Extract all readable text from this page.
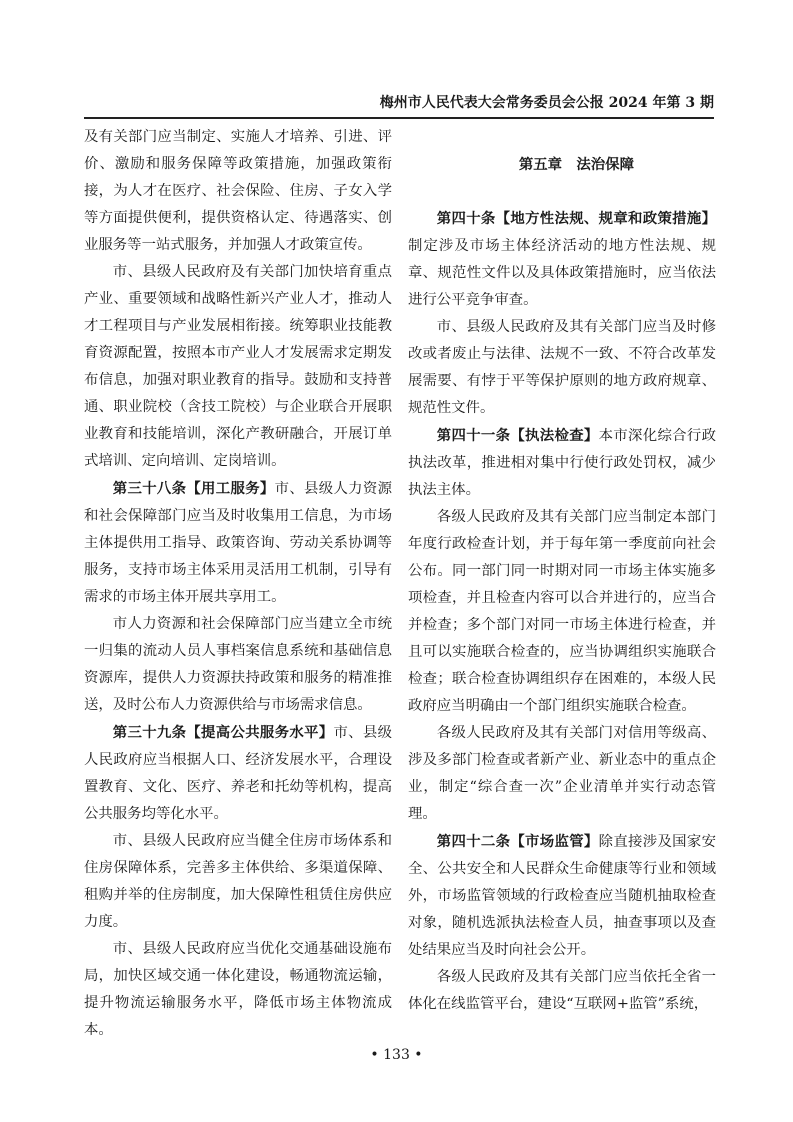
梅州市人民代表大会常务委员会公报 2024 年第 3 期

及有关部门应当制定、实施人才培养、引进、评价、激励和服务保障等政策措施，加强政策衔接，为人才在医疗、社会保险、住房、子女入学等方面提供便利，提供资格认定、待遇落实、创业服务等一站式服务，并加强人才政策宣传。

市、县级人民政府及有关部门加快培育重点产业、重要领域和战略性新兴产业人才，推动人才工程项目与产业发展相衔接。统筹职业技能教育资源配置，按照本市产业人才发展需求定期发布信息，加强对职业教育的指导。鼓励和支持普通、职业院校（含技工院校）与企业联合开展职业教育和技能培训，深化产教研融合，开展订单式培训、定向培训、定岗培训。

第三十八条【用工服务】市、县级人力资源和社会保障部门应当及时收集用工信息，为市场主体提供用工指导、政策咨询、劳动关系协调等服务，支持市场主体采用灵活用工机制，引导有需求的市场主体开展共享用工。

市人力资源和社会保障部门应当建立全市统一归集的流动人员人事档案信息系统和基础信息资源库，提供人力资源扶持政策和服务的精准推送，及时公布人力资源供给与市场需求信息。

第三十九条【提高公共服务水平】市、县级人民政府应当根据人口、经济发展水平，合理设置教育、文化、医疗、养老和托幼等机构，提高公共服务均等化水平。

市、县级人民政府应当健全住房市场体系和住房保障体系，完善多主体供给、多渠道保障、租购并举的住房制度，加大保障性租赁住房供应力度。

市、县级人民政府应当优化交通基础设施布局，加快区域交通一体化建设，畅通物流运输，提升物流运输服务水平，降低市场主体物流成本。

第五章　法治保障

第四十条【地方性法规、规章和政策措施】制定涉及市场主体经济活动的地方性法规、规章、规范性文件以及具体政策措施时，应当依法进行公平竞争审查。

市、县级人民政府及其有关部门应当及时修改或者废止与法律、法规不一致、不符合改革发展需要、有悖于平等保护原则的地方政府规章、规范性文件。

第四十一条【执法检查】本市深化综合行政执法改革，推进相对集中行使行政处罚权，减少执法主体。

各级人民政府及其有关部门应当制定本部门年度行政检查计划，并于每年第一季度前向社会公布。同一部门同一时期对同一市场主体实施多项检查，并且检查内容可以合并进行的，应当合并检查；多个部门对同一市场主体进行检查，并且可以实施联合检查的，应当协调组织实施联合检查；联合检查协调组织存在困难的，本级人民政府应当明确由一个部门组织实施联合检查。

各级人民政府及其有关部门对信用等级高、涉及多部门检查或者新产业、新业态中的重点企业，制定“综合查一次”企业清单并实行动态管理。

第四十二条【市场监管】除直接涉及国家安全、公共安全和人民群众生命健康等行业和领域外，市场监管领域的行政检查应当随机抽取检查对象，随机选派执法检查人员，抽查事项以及查处结果应当及时向社会公开。

各级人民政府及其有关部门应当依托全省一体化在线监管平台，建设“互联网+监管”系统，

• 133 •
